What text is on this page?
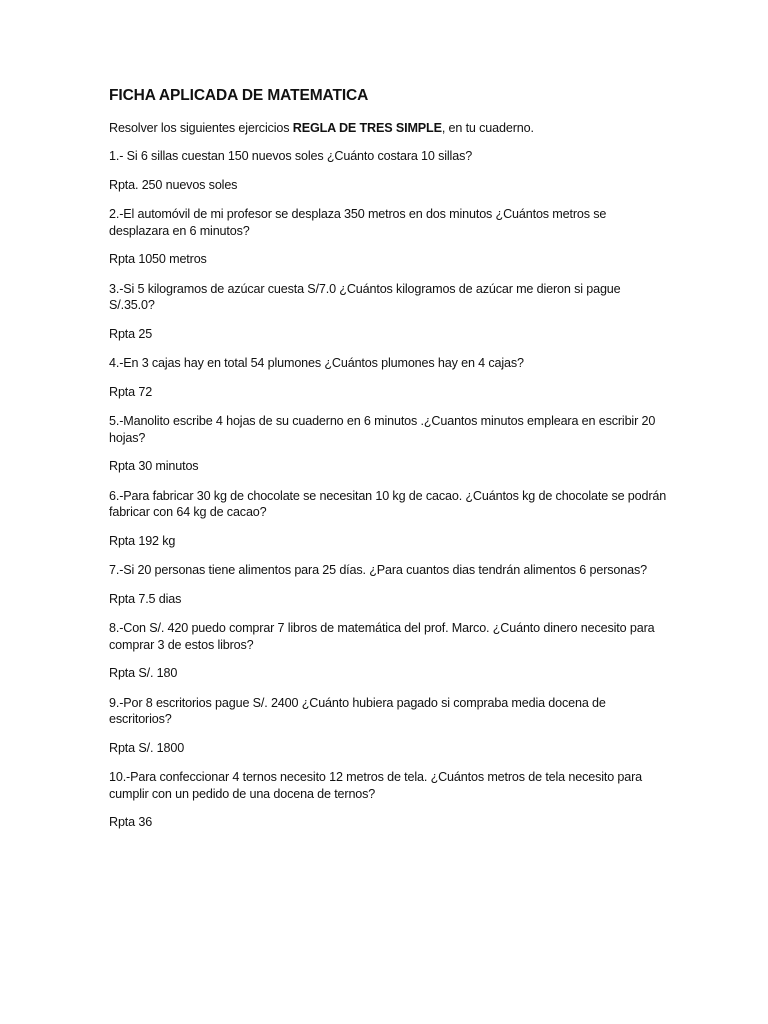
FICHA APLICADA DE MATEMATICA
Resolver los siguientes ejercicios REGLA DE TRES SIMPLE, en tu cuaderno.
1.- Si 6 sillas cuestan 150 nuevos soles ¿Cuánto costara 10 sillas?
Rpta. 250 nuevos soles
2.-El automóvil de mi profesor se desplaza 350 metros en dos minutos ¿Cuántos metros se desplazara en 6 minutos?
Rpta 1050 metros
3.-Si 5 kilogramos de azúcar cuesta S/7.0 ¿Cuántos kilogramos de azúcar me dieron si pague S/.35.0?
Rpta 25
4.-En 3 cajas hay en total 54 plumones ¿Cuántos plumones hay en 4 cajas?
Rpta 72
5.-Manolito escribe 4 hojas de su cuaderno en 6 minutos .¿Cuantos minutos empleara en escribir 20 hojas?
Rpta 30 minutos
6.-Para fabricar 30 kg de chocolate se necesitan 10 kg de cacao. ¿Cuántos kg de chocolate se podrán fabricar con 64 kg de cacao?
Rpta 192 kg
7.-Si 20 personas tiene alimentos para 25 días. ¿Para cuantos dias tendrán alimentos 6 personas?
Rpta 7.5 dias
8.-Con S/. 420 puedo comprar 7 libros de matemática del prof. Marco. ¿Cuánto dinero necesito para comprar 3 de estos libros?
Rpta S/. 180
9.-Por 8 escritorios pague S/. 2400 ¿Cuánto hubiera pagado si compraba media docena de escritorios?
Rpta S/. 1800
10.-Para confeccionar 4 ternos necesito 12 metros de tela. ¿Cuántos metros de tela necesito para cumplir con un pedido de una docena de ternos?
Rpta 36
